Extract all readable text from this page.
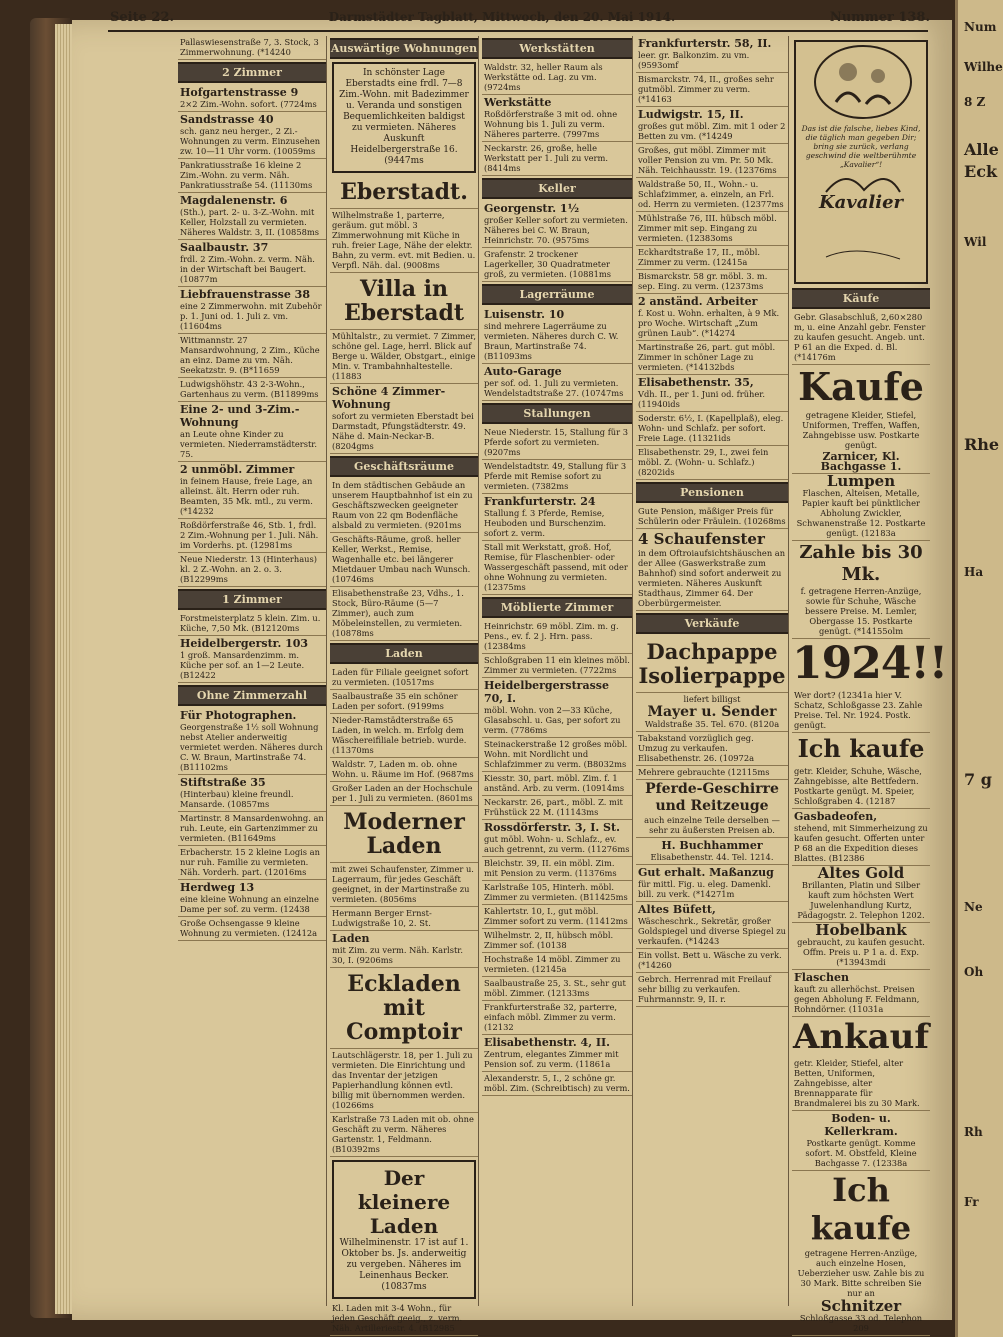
Seite 22.	Darmstädter Tagblatt, Mittwoch, den 20. Mai 1914.	Nummer 138.
Pallaswiesenstraße 7, 3. Stock, 3 Zimmerwohnung. (*14240
2 Zimmer
Hofgartenstrasse 9
2×2 Zim.-Wohn. sofort. (7724ms
Sandstrasse 40
sch. ganz neu herger., 2 Zi.-Wohnungen zu verm. Einzusehen zw. 10—11 Uhr vorm. (10059ms
Pankratiusstraße 16 kleine 2 Zim.-Wohn. zu verm. Näh. Pankratiusstraße 54. (11130ms
Magdalenenstr. 6
(Sth.), part. 2- u. 3-Z.-Wohn. mit Keller, Holzstall zu vermieten. Näheres Waldstr. 3, II. (10858ms
Saalbaustr. 37
frdl. 2 Zim.-Wohn. z. verm. Näh. in der Wirtschaft bei Baugert. (10877m
Liebfrauenstrasse 38
eine 2 Zimmerwohn. mit Zubehör p. 1. Juni od. 1. Juli z. vm. (11604ms
Wittmannstr. 27 Mansardwohnung, 2 Zim., Küche an einz. Dame zu vm. Näh. Seekatzstr. 9. (B*11659
Ludwigshöhstr. 43 2-3-Wohn., Gartenhaus zu verm. (B11899ms
Eine 2- und 3-Zim.-Wohnung
an Leute ohne Kinder zu vermieten. Niederramstädterstr. 75.
2 unmöbl. Zimmer
in feinem Hause, freie Lage, an alleinst. ält. Herrn oder ruh. Beamten, 35 Mk. mtl., zu verm. (*14232
Roßdörferstraße 46, Stb. 1, frdl. 2 Zim.-Wohnung per 1. Juli. Näh. im Vorderhs. pt. (12981ms
Neue Niederstr. 13 (Hinterhaus) kl. 2 Z.-Wohn. an 2. o. 3. (B12299ms
1 Zimmer
Forstmeisterplatz 5 klein. Zim. u. Küche, 7,50 Mk. (B12120ms
Heidelbergerstr. 103
1 groß. Mansardenzimm. m. Küche per sof. an 1—2 Leute. (B12422
Ohne Zimmerzahl
Für Photographen.
Georgenstraße 1½ soll Wohnung nebst Atelier anderweitig vermietet werden. Näheres durch C. W. Braun, Martinstraße 74. (B11102ms
Stiftstraße 35
(Hinterbau) kleine freundl. Mansarde. (10857ms
Martinstr. 8 Mansardenwohng. an ruh. Leute, ein Gartenzimmer zu vermieten. (B11649ms
Erbacherstr. 15 2 kleine Logis an nur ruh. Familie zu vermieten. Näh. Vorderh. part. (12016ms
Herdweg 13
eine kleine Wohnung an einzelne Dame per sof. zu verm. (12438
Große Ochsengasse 9 kleine Wohnung zu vermieten. (12412a
Auswärtige Wohnungen
In schönster Lage Eberstadts eine frdl. 7—8 Zim.-Wohn. mit Badezimmer u. Veranda und sonstigen Bequemlichkeiten baldigst zu vermieten. Näheres Auskunft Heidelbergerstraße 16. (9447ms
Eberstadt.
Wilhelmstraße 1, parterre, geräum. gut möbl. 3 Zimmerwohnung mit Küche in ruh. freier Lage, Nähe der elektr. Bahn, zu verm. evt. mit Bedien. u. Verpfl. Näh. dal. (9008ms
Villa in Eberstadt
Mühltalstr., zu vermiet. 7 Zimmer, schöne gel. Lage, herrl. Blick auf Berge u. Wälder, Obstgart., einige Min. v. Trambahnhaltestelle. (11883
Schöne 4 Zimmer-Wohnung
sofort zu vermieten Eberstadt bei Darmstadt, Pfungstädterstr. 49. Nähe d. Main-Neckar-B. (8204gms
Geschäftsräume
In dem städtischen Gebäude an unserem Hauptbahnhof ist ein zu Geschäftszwecken geeigneter Raum von 22 qm Bodenfläche alsbald zu vermieten. (9201ms
Geschäfts-Räume, groß. heller Keller, Werkst., Remise, Wagenhalle etc. bei längerer Mietdauer Umbau nach Wunsch. (10746ms
Elisabethenstraße 23, Vdhs., 1. Stock, Büro-Räume (5—7 Zimmer), auch zum Möbeleinstellen, zu vermieten. (10878ms
Laden
Laden für Filiale geeignet sofort zu vermieten. (10517ms
Saalbaustraße 35 ein schöner Laden per sofort. (9199ms
Nieder-Ramstädterstraße 65 Laden, in welch. m. Erfolg dem Wäschereifiliale betrieb. wurde. (11370ms
Waldstr. 7, Laden m. ob. ohne Wohn. u. Räume im Hof. (9687ms
Großer Laden an der Hochschule per 1. Juli zu vermieten. (8601ms
Moderner Laden
mit zwei Schaufenster, Zimmer u. Lagerraum, für jedes Geschäft geeignet, in der Martinstraße zu vermieten. (8056ms
Hermann Berger Ernst-Ludwigstraße 10, 2. St.
Laden
mit Zim. zu verm. Näh. Karlstr. 30, I. (9206ms
Eckladen mit Comptoir
Lautschlägerstr. 18, per 1. Juli zu vermieten. Die Einrichtung und das Inventar der jetzigen Papierhandlung können evtl. billig mit übernommen werden. (10266ms
Karlstraße 73 Laden mit ob. ohne Geschäft zu verm. Näheres Gartenstr. 1, Feldmann. (B10392ms
Der kleinere Laden
Wilhelminenstr. 17 ist auf 1. Oktober bs. Js. anderweitig zu vergeben. Näheres im Leinenhaus Becker. (10837ms
Kl. Laden mit 3-4 Wohn., für jeden Geschäft geeig., z. verm. Näh. Artilleriestr. 4. (B12985
Werkstätten
Waldstr. 32, heller Raum als Werkstätte od. Lag. zu vm. (9724ms
Werkstätte
Roßdörferstraße 3 mit od. ohne Wohnung bis 1. Juli zu verm. Näheres parterre. (7997ms
Neckarstr. 26, große, helle Werkstatt per 1. Juli zu verm. (8414ms
Keller
Georgenstr. 1½
großer Keller sofort zu vermieten. Näheres bei C. W. Braun, Heinrichstr. 70. (9575ms
Grafenstr. 2 trockener Lagerkeller, 30 Quadratmeter groß, zu vermieten. (10881ms
Lagerräume
Luisenstr. 10
sind mehrere Lagerräume zu vermieten. Näheres durch C. W. Braun, Martinstraße 74. (B11093ms
Auto-Garage
per sof. od. 1. Juli zu vermieten. Wendelstadtstraße 27. (10747ms
Stallungen
Neue Niederstr. 15, Stallung für 3 Pferde sofort zu vermieten. (9207ms
Wendelstadtstr. 49, Stallung für 3 Pferde mit Remise sofort zu vermieten. (7382ms
Frankfurterstr. 24
Stallung f. 3 Pferde, Remise, Heuboden und Burschenzim. sofort z. verm.
Stall mit Werkstatt, groß. Hof, Remise, für Flaschenbier- oder Wassergeschäft passend, mit oder ohne Wohnung zu vermieten. (12375ms
Möblierte Zimmer
Heinrichstr. 69 möbl. Zim. m. g. Pens., ev. f. 2 j. Hrn. pass. (12384ms
Schloßgraben 11 ein kleines möbl. Zimmer zu vermieten. (7722ms
Heidelbergerstrasse 70, I.
möbl. Wohn. von 2—33 Küche, Glasabschl. u. Gas, per sofort zu verm. (7786ms
Steinackerstraße 12 großes möbl. Wohn. mit Nordlicht und Schlafzimmer zu verm. (B8032ms
Kiesstr. 30, part. möbl. Zim. f. 1 anständ. Arb. zu verm. (10914ms
Neckarstr. 26, part., möbl. Z. mit Frühstück 22 M. (11143ms
Rossdörferstr. 3, I. St.
gut möbl. Wohn- u. Schlafz., ev. auch getrennt, zu verm. (11276ms
Bleichstr. 39, II. ein möbl. Zim. mit Pension zu verm. (11376ms
Karlstraße 105, Hinterh. möbl. Zimmer zu vermieten. (B11425ms
Kahlertstr. 10, I., gut möbl. Zimmer sofort zu verm. (11412ms
Wilhelmstr. 2, II, hübsch möbl. Zimmer sof. (10138
Hochstraße 14 möbl. Zimmer zu vermieten. (12145a
Saalbaustraße 25, 3. St., sehr gut möbl. Zimmer. (12133ms
Frankfurterstraße 32, parterre, einfach möbl. Zimmer zu verm. (12132
Elisabethenstr. 4, II.
Zentrum, elegantes Zimmer mit Pension sof. zu verm. (11861a
Alexanderstr. 5, I., 2 schöne gr. möbl. Zim. (Schreibtisch) zu verm.
Frankfurterstr. 58, II.
leer. gr. Balkonzim. zu vm. (9593omf
Bismarckstr. 74, II., großes sehr gutmöbl. Zimmer zu verm. (*14163
Ludwigstr. 15, II.
großes gut möbl. Zim. mit 1 oder 2 Betten zu vm. (*14249
Großes, gut möbl. Zimmer mit voller Pension zu vm. Pr. 50 Mk. Näh. Teichhausstr. 19. (12376ms
Waldstraße 50, II., Wohn.- u. Schlafzimmer, a. einzeln, an Frl. od. Herrn zu vermieten. (12377ms
Mühlstraße 76, III. hübsch möbl. Zimmer mit sep. Eingang zu vermieten. (12383oms
Eckhardtstraße 17, II., möbl. Zimmer zu verm. (12415a
Bismarckstr. 58 gr. möbl. 3. m. sep. Eing. zu verm. (12373ms
2 anständ. Arbeiter
f. Kost u. Wohn. erhalten, à 9 Mk. pro Woche. Wirtschaft „Zum grünen Laub“. (*14274
Martinstraße 26, part. gut möbl. Zimmer in schöner Lage zu vermieten. (*14132bds
Elisabethenstr. 35,
Vdh. II., per 1. Juni od. früher. (11940ids
Soderstr. 6½, I. (Kapellplaß), eleg. Wohn- und Schlafz. per sofort. Freie Lage. (11321ids
Elisabethenstr. 29, I., zwei fein möbl. Z. (Wohn- u. Schlafz.) (8202ids
Pensionen
Gute Pension, mäßiger Preis für Schülerin oder Fräulein. (10268ms
4 Schaufenster
in dem Oftroiaufsichtshäuschen an der Allee (Gaswerkstraße zum Bahnhof) sind sofort anderweit zu vermieten. Näheres Auskunft Stadthaus, Zimmer 64. Der Oberbürgermeister.
Verkäufe
Dachpappe Isolierpappe
liefert billigst
Mayer u. Sender
Waldstraße 35. Tel. 670. (8120a
Tabakstand vorzüglich geg. Umzug zu verkaufen. Elisabethenstr. 26. (10972a
Mehrere gebrauchte (12115ms
Pferde-Geschirre und Reitzeuge
auch einzelne Teile derselben — sehr zu äußersten Preisen ab.
H. Buchhammer
Elisabethenstr. 44. Tel. 1214.
Gut erhalt. Maßanzug
für mittl. Fig. u. eleg. Damenkl. bill. zu verk. (*14271m
Altes Büfett,
Wäscheschrk., Sekretär, großer Goldspiegel und diverse Spiegel zu verkaufen. (*14243
Ein vollst. Bett u. Wäsche zu verk. (*14260
Gebrch. Herrenrad mit Freilauf sehr billig zu verkaufen. Fuhrmannstr. 9, II. r.
Das ist die falsche, liebes Kind, die täglich man gegeben Dir; bring sie zurück, verlang geschwind die weltberühmte „Kavalier“!
Kavalier
Käufe
Gebr. Glasabschluß, 2,60×280 m, u. eine Anzahl gebr. Fenster zu kaufen gesucht. Angeb. unt. P 61 an die Exped. d. Bl. (*14176m
Kaufe
getragene Kleider, Stiefel, Uniformen, Treffen, Waffen, Zahngebisse usw. Postkarte genügt.
Zarnicer, Kl. Bachgasse 1.
Lumpen
Flaschen, Alteisen, Metalle, Papier kauft bei pünktlicher Abholung Zwickler, Schwanenstraße 12. Postkarte genügt. (12183a
Zahle bis 30 Mk.
f. getragene Herren-Anzüge, sowie für Schuhe, Wäsche bessere Preise. M. Lemler, Obergasse 15. Postkarte genügt. (*14155olm
1924!!
Wer dort? (12341a hier V. Schatz, Schloßgasse 23. Zahle Preise. Tel. Nr. 1924. Postk. genügt.
Ich kaufe
getr. Kleider, Schuhe, Wäsche, Zahngebisse, alte Bettfedern. Postkarte genügt. M. Speier, Schloßgraben 4. (12187
Gasbadeofen,
stehend, mit Simmerheizung zu kaufen gesucht. Offerten unter P 68 an die Expedition dieses Blattes. (B12386
Altes Gold
Brillanten, Platin und Silber kauft zum höchsten Wert Juwelenhandlung Kurtz, Pädagogstr. 2. Telephon 1202.
Hobelbank
gebraucht, zu kaufen gesucht. Offm. Preis u. P 1 a. d. Exp. (*13943mdi
Flaschen
kauft zu allerhöchst. Preisen gegen Abholung F. Feldmann, Rohndörner. (11031a
Ankauf
getr. Kleider, Stiefel, alter Betten, Uniformen, Zahngebisse, alter Brennapparate für Brandmalerei bis zu 30 Mark.
Boden- u. Kellerkram.
Postkarte genügt. Komme sofort. M. Obstfeld, Kleine Bachgasse 7. (12338a
Ich kaufe
getragene Herren-Anzüge, auch einzelne Hosen, Ueberzieher usw. Zahle bis zu 30 Mark. Bitte schreiben Sie nur an
Schnitzer
Schloßgasse 33 od. Telephon 209
Num
Wilhe
8 Z
Alle
Eck
Wil
Rhe
Ha
7 g
Ne
Oh
Rh
Fr
